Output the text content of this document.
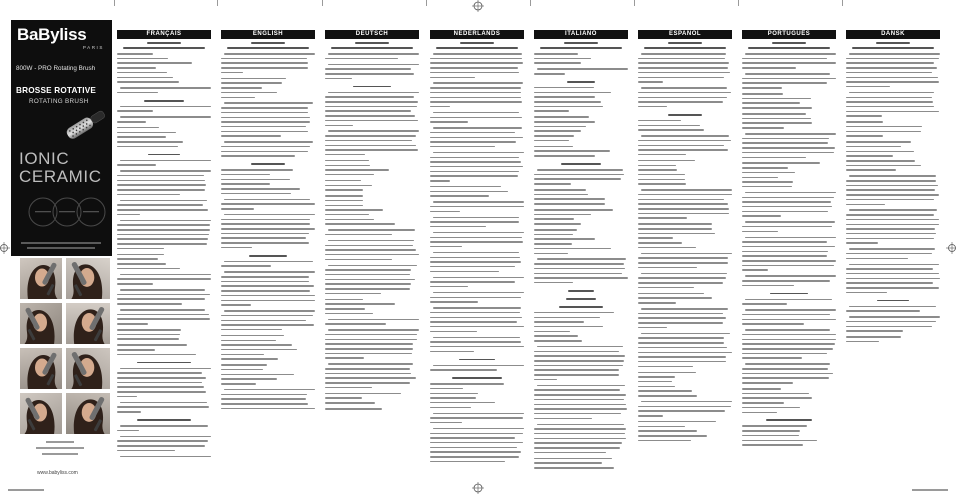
BaByliss
PARIS
800W - PRO Rotating Brush
BROSSE ROTATIVE
ROTATING BRUSH
IONIC
CERAMIC
www.babyliss.com
FRANÇAIS	ENGLISH	DEUTSCH	NEDERLANDS	ITALIANO	ESPAÑOL	PORTUGUÊS	DANSK
